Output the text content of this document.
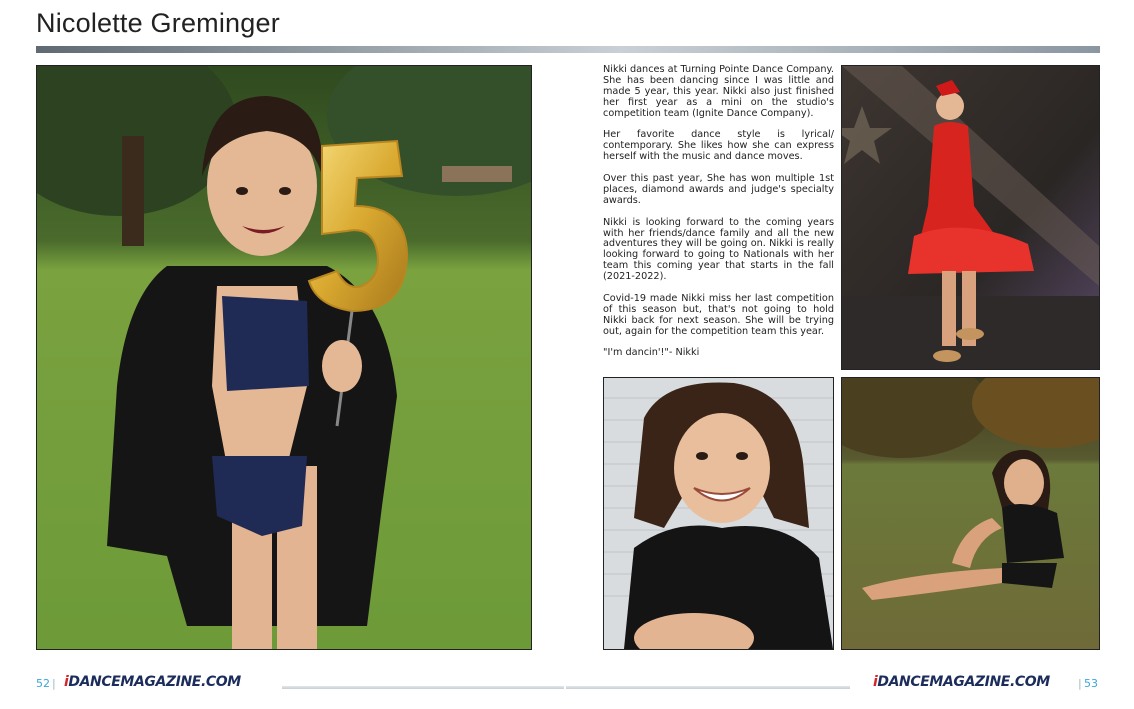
Nicolette Greminger

Nikki dances at Turning Pointe Dance Company. She has been dancing since I was little and made 5 year, this year. Nikki also just finished her first year as a mini on the studio's competition team (Ignite Dance Company).

Her favorite dance style is lyrical/ contemporary. She likes how she can express herself with the music and dance moves.

Over this past year, She has won multiple 1st places, diamond awards and judge's specialty awards.

Nikki is looking forward to the coming years with her friends/dance family and all the new adventures they will be going on. Nikki is really looking forward to going to Nationals with her team this coming year that starts in the fall (2021-2022).

Covid-19 made Nikki miss her last competition of this season but, that's not going to hold Nikki back for next season. She will be trying out, again for the competition team this year.

"I'm dancin'!"- Nikki

52 | iDANCEMAGAZINE.COM	iDANCEMAGAZINE.COM	| 53
